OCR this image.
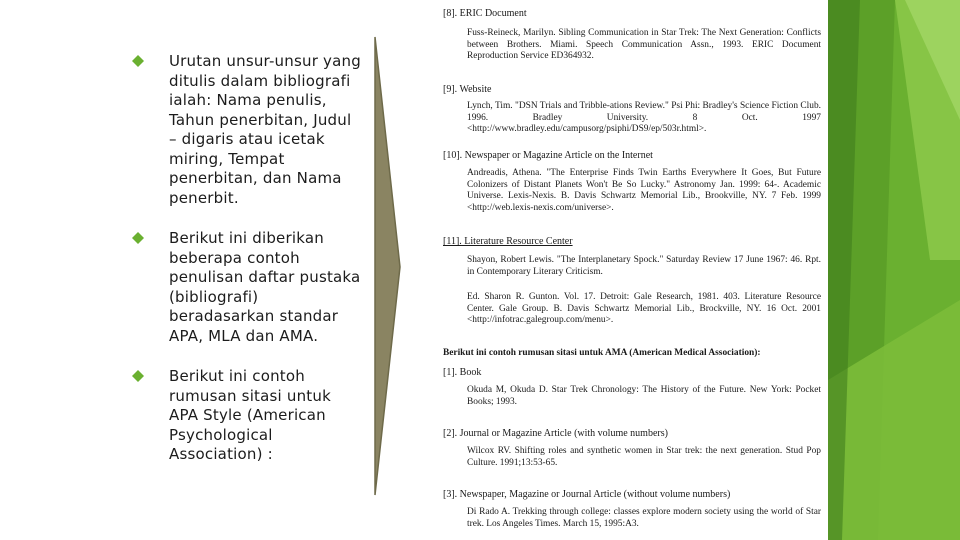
Urutan unsur-unsur yang ditulis dalam bibliografi ialah: Nama penulis, Tahun penerbitan, Judul – digaris atau icetak miring, Tempat penerbitan, dan Nama penerbit.
Berikut ini diberikan beberapa contoh penulisan daftar pustaka (bibliografi) beradasarkan standar APA, MLA dan AMA.
Berikut ini contoh rumusan sitasi untuk APA Style (American Psychological Association) :
[8]. ERIC Document
Fuss-Reineck, Marilyn. Sibling Communication in Star Trek: The Next Generation: Conflicts between Brothers. Miami. Speech Communication Assn., 1993. ERIC Document Reproduction Service ED364932.
[9]. Website
Lynch, Tim. "DSN Trials and Tribble-ations Review." Psi Phi: Bradley's Science Fiction Club. 1996. Bradley University. 8 Oct. 1997 <http://www.bradley.edu/campusorg/psiphi/DS9/ep/503r.html>.
[10]. Newspaper or Magazine Article on the Internet
Andreadis, Athena. "The Enterprise Finds Twin Earths Everywhere It Goes, But Future Colonizers of Distant Planets Won't Be So Lucky." Astronomy Jan. 1999: 64-. Academic Universe. Lexis-Nexis. B. Davis Schwartz Memorial Lib., Brookville, NY. 7 Feb. 1999 <http://web.lexis-nexis.com/universe>.
[11]. Literature Resource Center
Shayon, Robert Lewis. "The Interplanetary Spock." Saturday Review 17 June 1967: 46. Rpt. in Contemporary Literary Criticism.
Ed. Sharon R. Gunton. Vol. 17. Detroit: Gale Research, 1981. 403. Literature Resource Center. Gale Group. B. Davis Schwartz Memorial Lib., Brockville, NY. 16 Oct. 2001 <http://infotrac.galegroup.com/menu>.
Berikut ini contoh rumusan sitasi untuk AMA (American Medical Association):
[1]. Book
Okuda M, Okuda D. Star Trek Chronology: The History of the Future. New York: Pocket Books; 1993.
[2]. Journal or Magazine Article (with volume numbers)
Wilcox RV. Shifting roles and synthetic women in Star trek: the next generation. Stud Pop Culture. 1991;13:53-65.
[3]. Newspaper, Magazine or Journal Article (without volume numbers)
Di Rado A. Trekking through college: classes explore modern society using the world of Star trek. Los Angeles Times. March 15, 1995:A3.
